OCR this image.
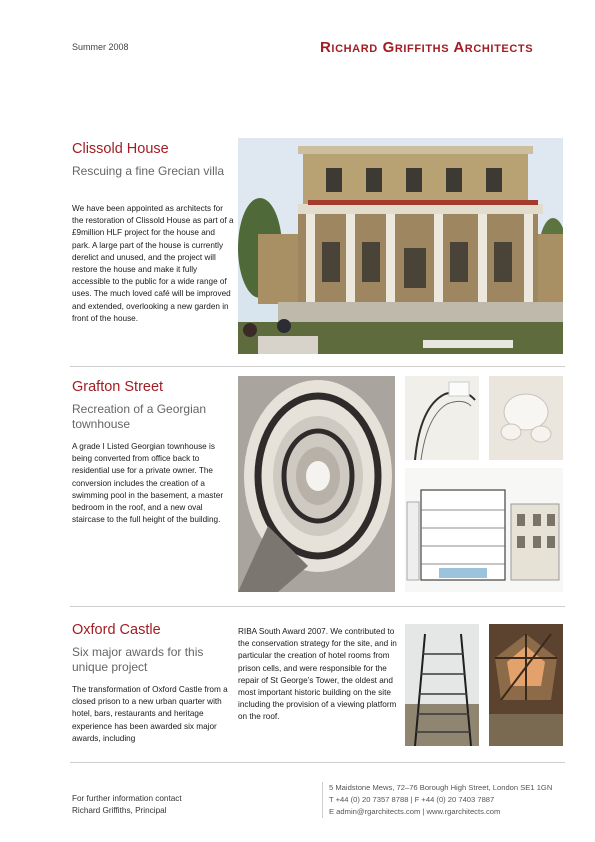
Summer 2008	Richard Griffiths Architects
Clissold House
Rescuing a fine Grecian villa
We have been appointed as architects for the restoration of Clissold House as part of a £9million HLF project for the house and park. A large part of the house is currently derelict and unused, and the project will restore the house and make it fully accessible to the public for a wide range of uses. The much loved café will be improved and extended, overlooking a new garden in front of the house.
Grafton Street
Recreation of a Georgian townhouse
A grade I Listed Georgian townhouse is being converted from office back to residential use for a private owner. The conversion includes the creation of a swimming pool in the basement, a master bedroom in the roof, and a new oval staircase to the full height of the building.
Oxford Castle
Six major awards for this unique project
The transformation of Oxford Castle from a closed prison to a new urban quarter with hotel, bars, restaurants and heritage experience has been awarded six major awards, including
RIBA South Award 2007. We contributed to the conservation strategy for the site, and in particular the creation of hotel rooms from prison cells, and were responsible for the repair of St George’s Tower, the oldest and most important historic building on the site including the provision of a viewing platform on the roof.
For further information contact
Richard Griffiths, Principal
5 Maidstone Mews, 72–76 Borough High Street, London SE1 1GN
T +44 (0) 20 7357 8788 | F +44 (0) 20 7403 7887
E admin@rgarchitects.com | www.rgarchitects.com
